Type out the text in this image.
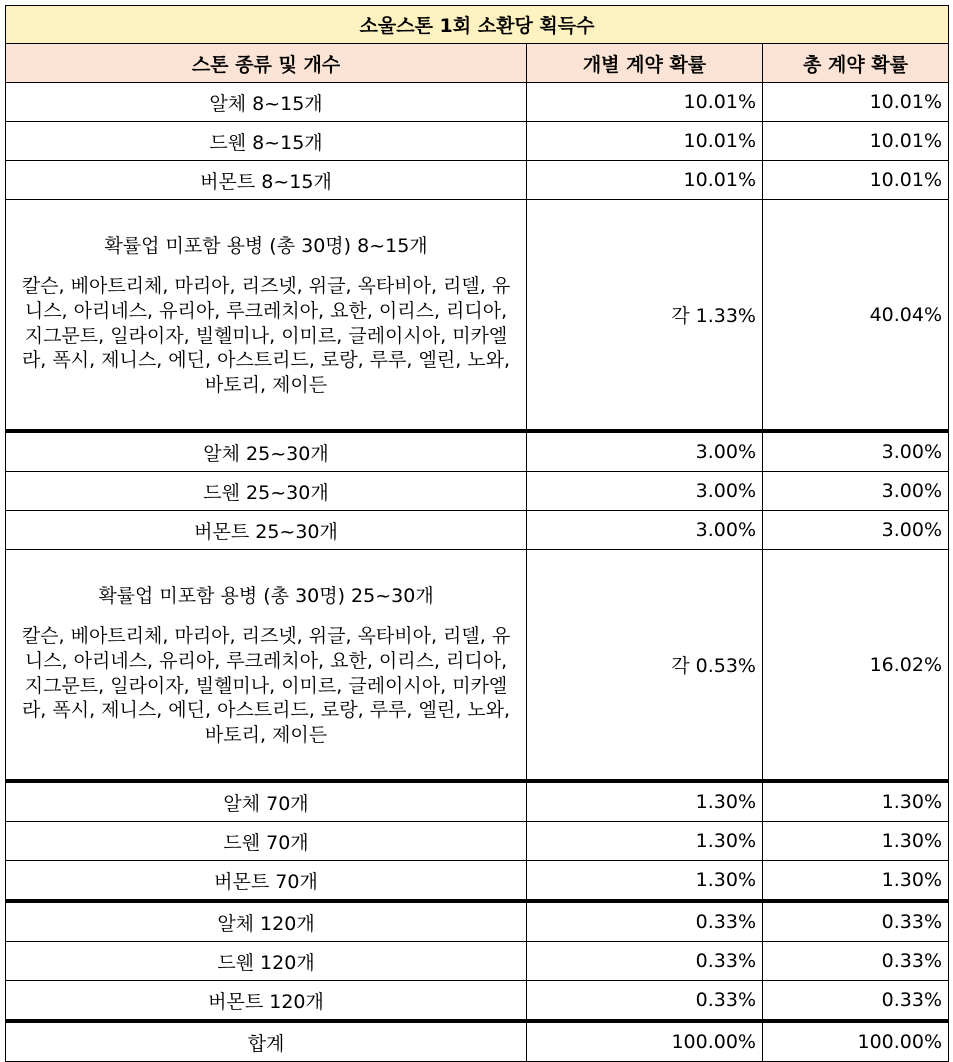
소울스톤 1회 소환당 획득수		
스톤 종류 및 개수	개별 계약 확률	총 계약 확률
알체 8~15개	10.01%	10.01%
드웬 8~15개	10.01%	10.01%
버몬트 8~15개	10.01%	10.01%

확률업 미포함 용병 (총 30명) 8~15개
칼슨, 베아트리체, 마리아, 리즈넷, 위글, 옥타비아, 리델, 유니스, 아리네스, 유리아, 루크레치아, 요한, 이리스, 리디아, 지그문트, 일라이자, 빌헬미나, 이미르, 글레이시아, 미카엘라, 폭시, 제니스, 에딘, 아스트리드, 로랑, 루루, 엘린, 노와, 바토리, 제이든	각 1.33%	40.04%
알체 25~30개	3.00%	3.00%
드웬 25~30개	3.00%	3.00%
버몬트 25~30개	3.00%	3.00%

확률업 미포함 용병 (총 30명) 25~30개
칼슨, 베아트리체, 마리아, 리즈넷, 위글, 옥타비아, 리델, 유니스, 아리네스, 유리아, 루크레치아, 요한, 이리스, 리디아, 지그문트, 일라이자, 빌헬미나, 이미르, 글레이시아, 미카엘라, 폭시, 제니스, 에딘, 아스트리드, 로랑, 루루, 엘린, 노와, 바토리, 제이든	각 0.53%	16.02%
알체 70개	1.30%	1.30%
드웬 70개	1.30%	1.30%
버몬트 70개	1.30%	1.30%
알체 120개	0.33%	0.33%
드웬 120개	0.33%	0.33%
버몬트 120개	0.33%	0.33%
합계	100.00%	100.00%
